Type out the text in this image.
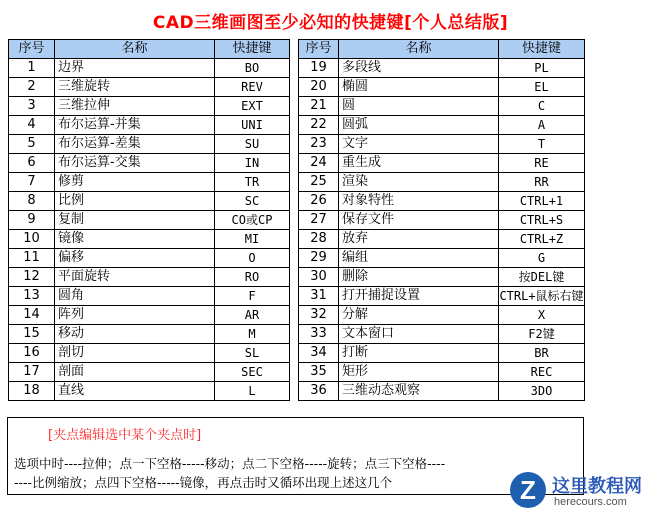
CAD三维画图至少必知的快捷键[个人总结版]
序号	名称	快捷键
1	边界	BO
2	三维旋转	REV
3	三维拉伸	EXT
4	布尔运算-并集	UNI
5	布尔运算-差集	SU
6	布尔运算-交集	IN
7	修剪	TR
8	比例	SC
9	复制	CO或CP
10	镜像	MI
11	偏移	O
12	平面旋转	RO
13	圆角	F
14	阵列	AR
15	移动	M
16	剖切	SL
17	剖面	SEC
18	直线	L
序号	名称	快捷键
19	多段线	PL
20	椭圆	EL
21	圆	C
22	圆弧	A
23	文字	T
24	重生成	RE
25	渲染	RR
26	对象特性	CTRL+1
27	保存文件	CTRL+S
28	放弃	CTRL+Z
29	编组	G
30	删除	按DEL键
31	打开捕捉设置	CTRL+鼠标右键
32	分解	X
33	文本窗口	F2键
34	打断	BR
35	矩形	REC
36	三维动态观察	3DO
[夹点编辑选中某个夹点时]
选项中时----拉伸；点一下空格-----移动；点二下空格-----旋转；点三下空格----
----比例缩放；点四下空格-----镜像，再点击时又循环出现上述这几个	Z 这里教程网
herecours.com
